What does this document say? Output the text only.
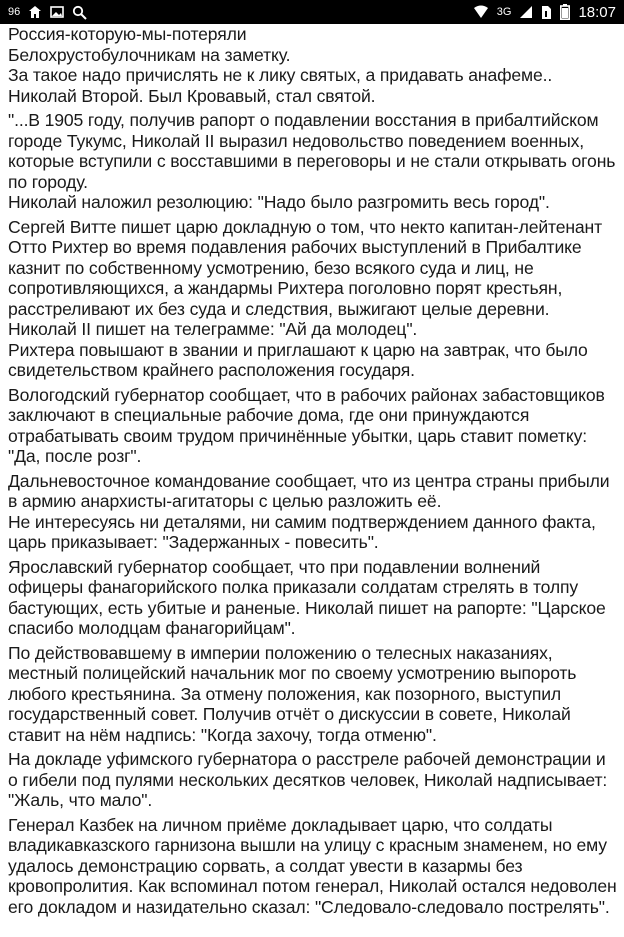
96	3G	18:07
Россия-которую-мы-потеряли
Белохрустобулочникам на заметку.
За такое надо причислять не к лику святых, а придавать анафеме..
Николай Второй. Был Кровавый, стал святой.
"...В 1905 году, получив рапорт о подавлении восстания в прибалтийском городе Тукумс, Николай II выразил недовольство поведением военных, которые вступили с восставшими в переговоры и не стали открывать огонь по городу.
Николай наложил резолюцию: "Надо было разгромить весь город".
Сергей Витте пишет царю докладную о том, что некто капитан-лейтенант Отто Рихтер во время подавления рабочих выступлений в Прибалтике казнит по собственному усмотрению, безо всякого суда и лиц, не сопротивляющихся, а жандармы Рихтера поголовно порят крестьян, расстреливают их без суда и следствия, выжигают целые деревни.
Николай II пишет на телеграмме: "Ай да молодец".
Рихтера повышают в звании и приглашают к царю на завтрак, что было свидетельством крайнего расположения государя.
Вологодский губернатор сообщает, что в рабочих районах забастовщиков заключают в специальные рабочие дома, где они принуждаются отрабатывать своим трудом причинённые убытки, царь ставит пометку: "Да, после розг".
Дальневосточное командование сообщает, что из центра страны прибыли в армию анархисты-агитаторы с целью разложить её.
Не интересуясь ни деталями, ни самим подтверждением данного факта, царь приказывает: "Задержанных - повесить".
Ярославский губернатор сообщает, что при подавлении волнений офицеры фанагорийского полка приказали солдатам стрелять в толпу бастующих, есть убитые и раненые. Николай пишет на рапорте: "Царское спасибо молодцам фанагорийцам".
По действовавшему в империи положению о телесных наказаниях, местный полицейский начальник мог по своему усмотрению выпороть любого крестьянина. За отмену положения, как позорного, выступил государственный совет. Получив отчёт о дискуссии в совете, Николай ставит на нём надпись: "Когда захочу, тогда отменю".
На докладе уфимского губернатора о расстреле рабочей демонстрации и о гибели под пулями нескольких десятков человек, Николай надписывает: "Жаль, что мало".
Генерал Казбек на личном приёме докладывает царю, что солдаты владикавказского гарнизона вышли на улицу с красным знаменем, но ему удалось демонстрацию сорвать, а солдат увести в казармы без кровопролития. Как вспоминал потом генерал, Николай остался недоволен его докладом и назидательно сказал: "Следовало-следовало пострелять".
